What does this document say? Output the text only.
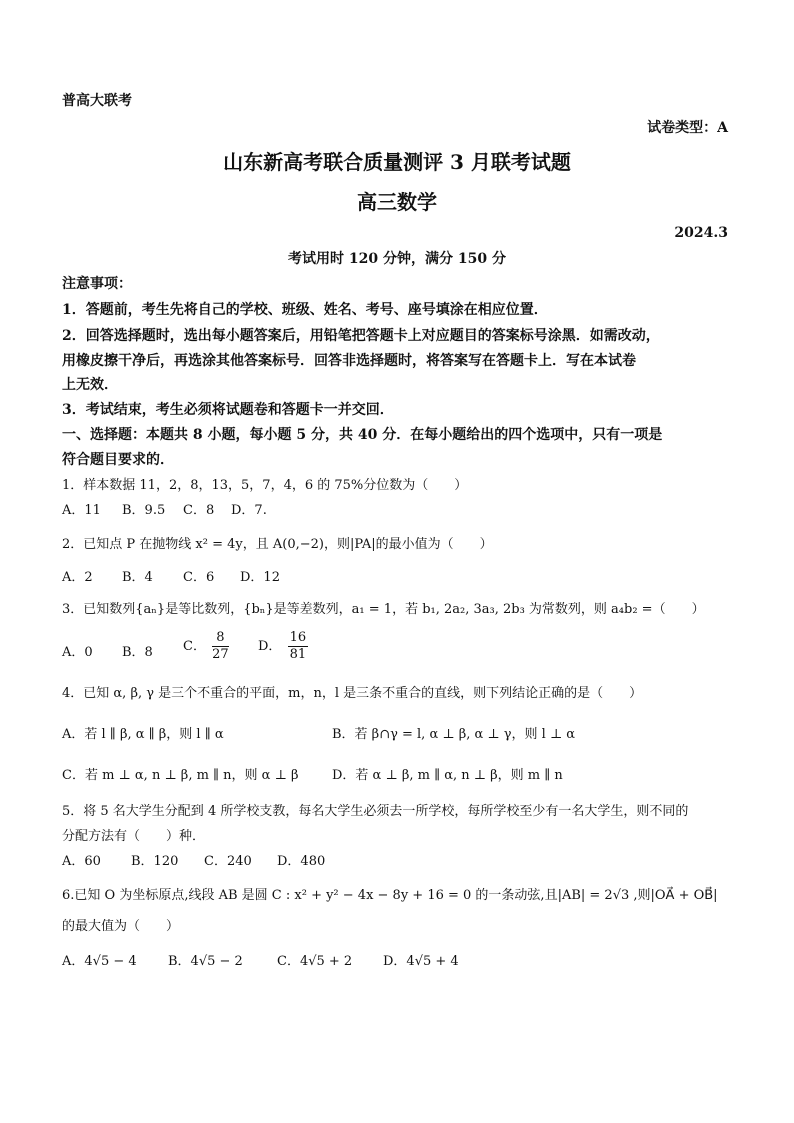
普高大联考
试卷类型：A
山东新高考联合质量测评 3 月联考试题
高三数学
2024.3
考试用时 120 分钟，满分 150 分
注意事项：
1．答题前，考生先将自己的学校、班级、姓名、考号、座号填涂在相应位置．
2．回答选择题时，选出每小题答案后，用铅笔把答题卡上对应题目的答案标号涂黑．如需改动，
用橡皮擦干净后，再选涂其他答案标号．回答非选择题时，将答案写在答题卡上．写在本试卷
上无效．
3．考试结束，考生必须将试题卷和答题卡一并交回．
一、选择题：本题共 8 小题，每小题 5 分，共 40 分．在每小题给出的四个选项中，只有一项是
符合题目要求的．
1．样本数据 11，2，8，13，5，7，4，6 的 75%分位数为（　　）
A．11 B．9.5 C．8 D．7.
2．已知点 P 在抛物线 x² = 4y，且 A(0,−2)，则|PA|的最小值为（　　）
A．2 B．4 C．6 D．12
3．已知数列{aₙ}是等比数列，{bₙ}是等差数列，a₁ = 1，若 b₁, 2a₂, 3a₃, 2b₃ 为常数列，则 a₄b₂ =（　　）
A．0 B．8 C． $\frac{8}{27}$ D． $\frac{16}{81}$
4．已知 α, β, γ 是三个不重合的平面，m，n，l 是三条不重合的直线，则下列结论正确的是（　　）
A．若 l ∥ β, α ∥ β，则 l ∥ α	B．若 β∩γ = l, α ⊥ β, α ⊥ γ，则 l ⊥ α
C．若 m ⊥ α, n ⊥ β, m ∥ n，则 α ⊥ β	D．若 α ⊥ β, m ∥ α, n ⊥ β，则 m ∥ n
5．将 5 名大学生分配到 4 所学校支教，每名大学生必须去一所学校，每所学校至少有一名大学生，则不同的
分配方法有（　　）种．
A．60 B．120 C．240 D．480
6.已知 O 为坐标原点,线段 AB 是圆 C : x² + y² − 4x − 8y + 16 = 0 的一条动弦,且|AB| = 2√3 ,则|OA⃗ + OB⃗|
的最大值为（　　）
A．4√5 − 4 B．4√5 − 2	C．4√5 + 2 D．4√5 + 4
